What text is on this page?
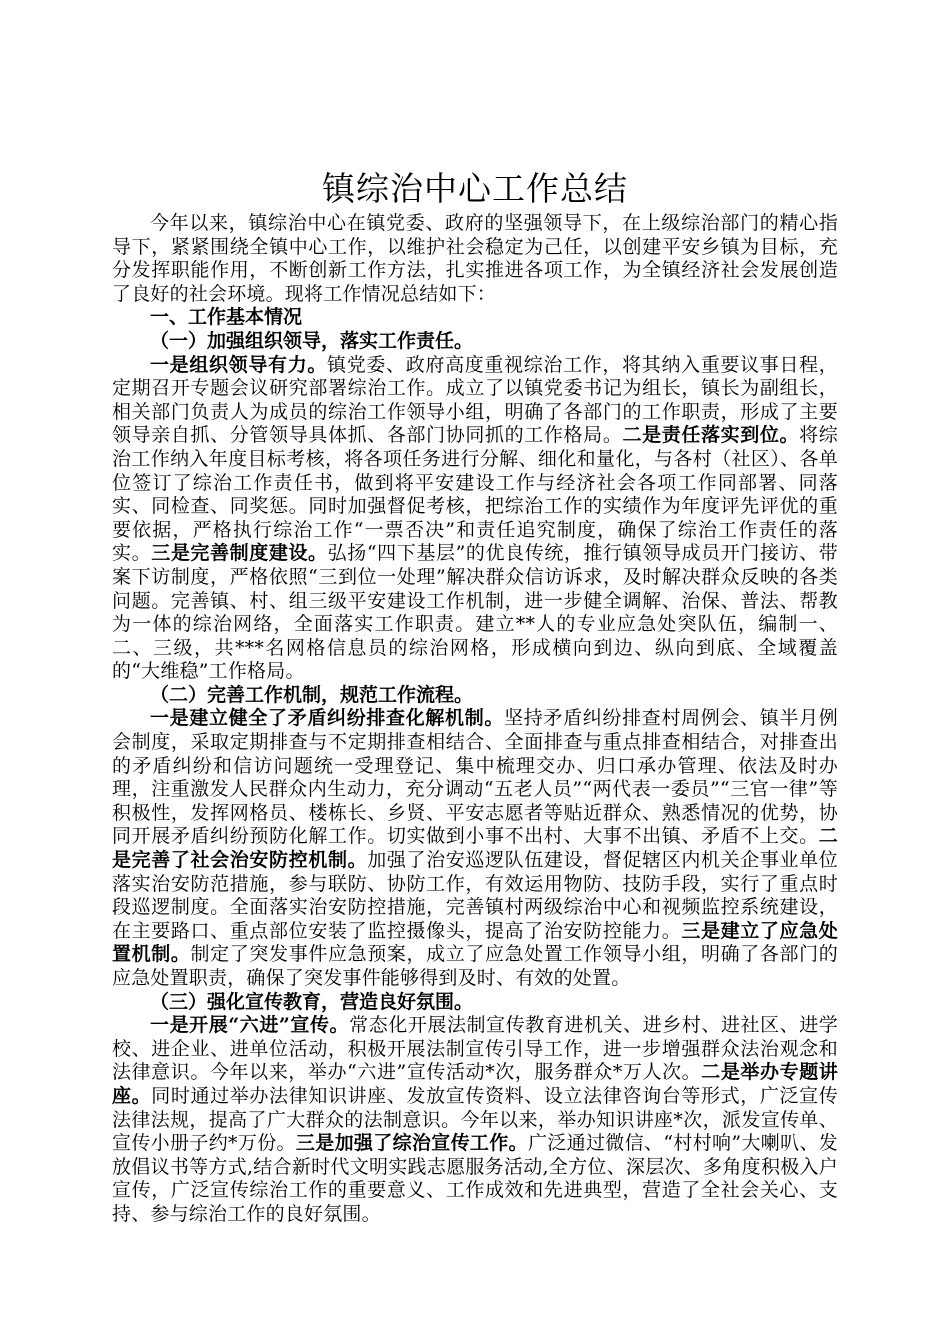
镇综治中心工作总结

今年以来，镇综治中心在镇党委、政府的坚强领导下，在上级综治部门的精心指导下，紧紧围绕全镇中心工作，以维护社会稳定为己任，以创建平安乡镇为目标，充分发挥职能作用，不断创新工作方法，扎实推进各项工作，为全镇经济社会发展创造了良好的社会环境。现将工作情况总结如下：

一、工作基本情况

（一）加强组织领导，落实工作责任。

一是组织领导有力。镇党委、政府高度重视综治工作，将其纳入重要议事日程，定期召开专题会议研究部署综治工作。成立了以镇党委书记为组长，镇长为副组长，相关部门负责人为成员的综治工作领导小组，明确了各部门的工作职责，形成了主要领导亲自抓、分管领导具体抓、各部门协同抓的工作格局。二是责任落实到位。将综治工作纳入年度目标考核，将各项任务进行分解、细化和量化，与各村（社区）、各单位签订了综治工作责任书，做到将平安建设工作与经济社会各项工作同部署、同落实、同检查、同奖惩。同时加强督促考核，把综治工作的实绩作为年度评先评优的重要依据，严格执行综治工作“一票否决”和责任追究制度，确保了综治工作责任的落实。三是完善制度建设。弘扬“四下基层”的优良传统，推行镇领导成员开门接访、带案下访制度，严格依照“三到位一处理”解决群众信访诉求，及时解决群众反映的各类问题。完善镇、村、组三级平安建设工作机制，进一步健全调解、治保、普法、帮教为一体的综治网络，全面落实工作职责。建立**人的专业应急处突队伍，编制一、二、三级，共***名网格信息员的综治网格，形成横向到边、纵向到底、全域覆盖的“大维稳”工作格局。

（二）完善工作机制，规范工作流程。

一是建立健全了矛盾纠纷排查化解机制。坚持矛盾纠纷排查村周例会、镇半月例会制度，采取定期排查与不定期排查相结合、全面排查与重点排查相结合，对排查出的矛盾纠纷和信访问题统一受理登记、集中梳理交办、归口承办管理、依法及时办理，注重激发人民群众内生动力，充分调动“五老人员”“两代表一委员”“三官一律”等积极性，发挥网格员、楼栋长、乡贤、平安志愿者等贴近群众、熟悉情况的优势，协同开展矛盾纠纷预防化解工作。切实做到小事不出村、大事不出镇、矛盾不上交。二是完善了社会治安防控机制。加强了治安巡逻队伍建设，督促辖区内机关企事业单位落实治安防范措施，参与联防、协防工作，有效运用物防、技防手段，实行了重点时段巡逻制度。全面落实治安防控措施，完善镇村两级综治中心和视频监控系统建设，在主要路口、重点部位安装了监控摄像头，提高了治安防控能力。三是建立了应急处置机制。制定了突发事件应急预案，成立了应急处置工作领导小组，明确了各部门的应急处置职责，确保了突发事件能够得到及时、有效的处置。

（三）强化宣传教育，营造良好氛围。

一是开展“六进”宣传。常态化开展法制宣传教育进机关、进乡村、进社区、进学校、进企业、进单位活动，积极开展法制宣传引导工作，进一步增强群众法治观念和法律意识。今年以来，举办“六进”宣传活动*次，服务群众*万人次。二是举办专题讲座。同时通过举办法律知识讲座、发放宣传资料、设立法律咨询台等形式，广泛宣传法律法规，提高了广大群众的法制意识。今年以来，举办知识讲座*次，派发宣传单、宣传小册子约*万份。三是加强了综治宣传工作。广泛通过微信、“村村响”大喇叭、发放倡议书等方式,结合新时代文明实践志愿服务活动,全方位、深层次、多角度积极入户宣传，广泛宣传综治工作的重要意义、工作成效和先进典型，营造了全社会关心、支持、参与综治工作的良好氛围。
